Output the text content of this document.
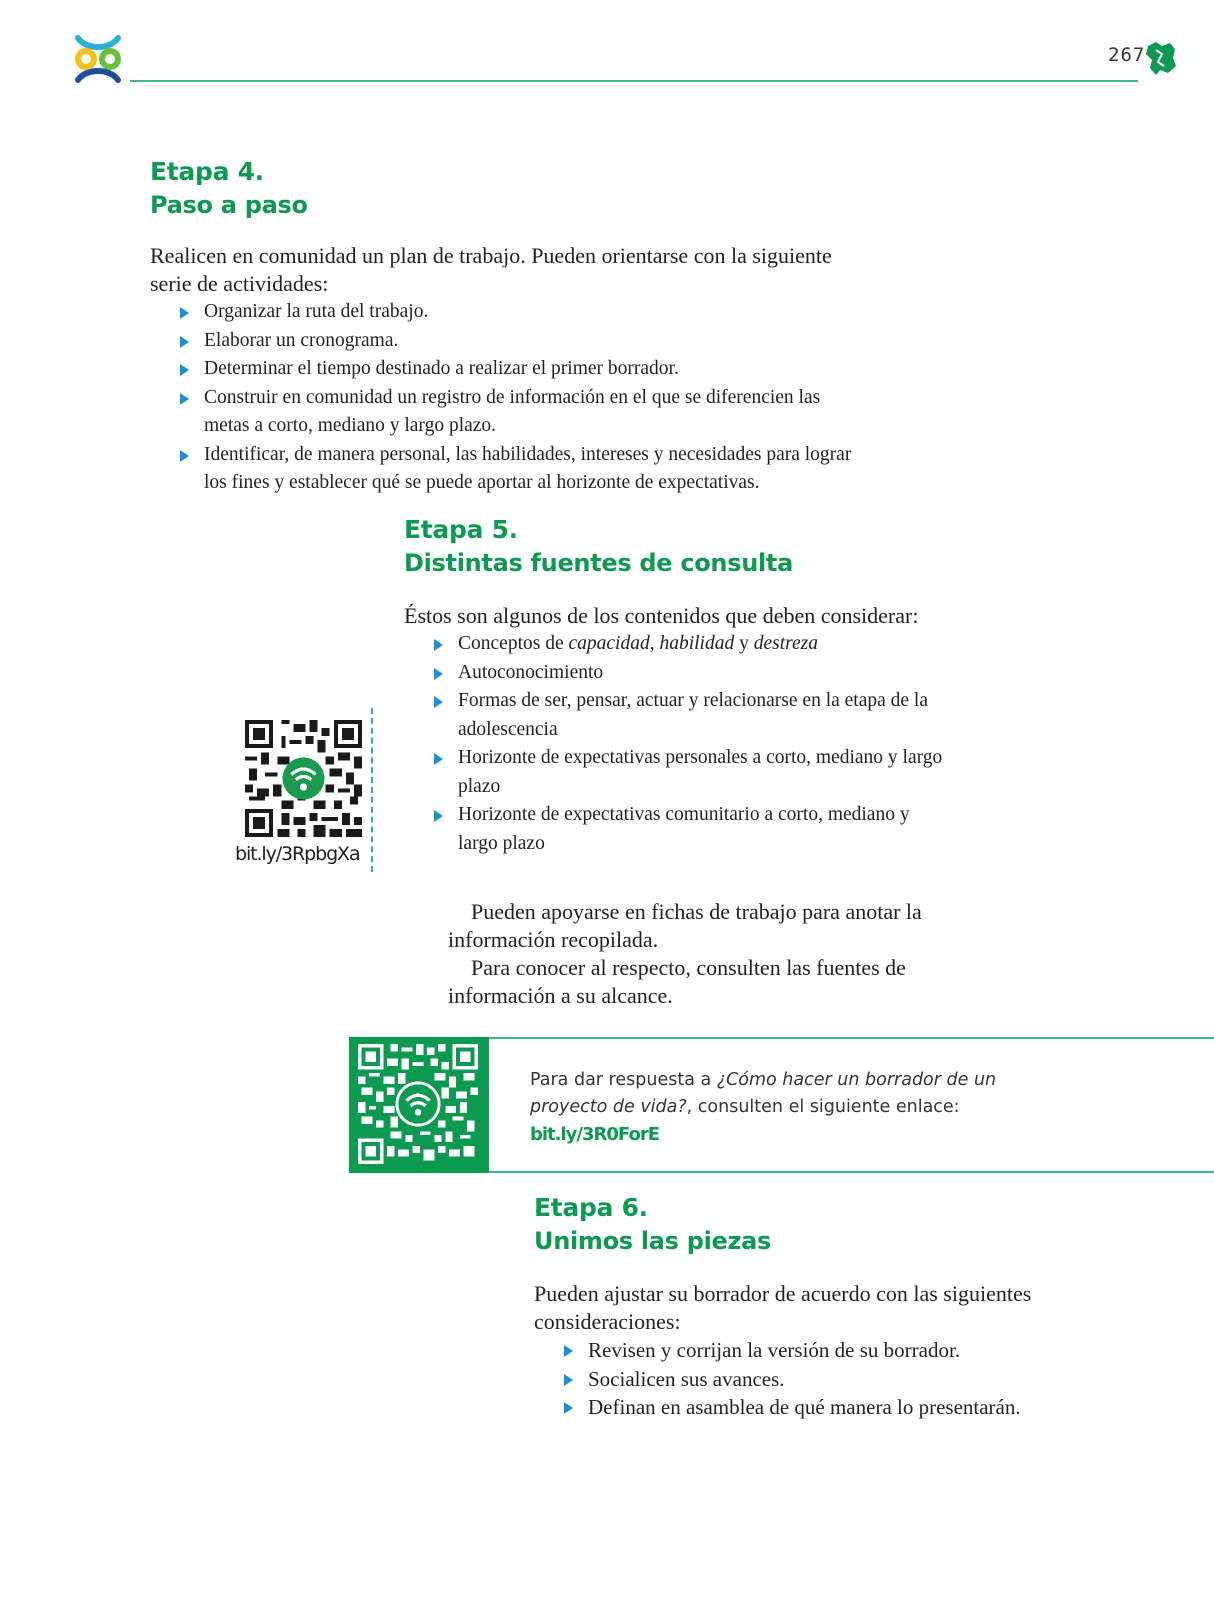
267
Etapa 4.
Paso a paso

Realicen en comunidad un plan de trabajo. Pueden orientarse con la siguiente serie de actividades:

Organizar la ruta del trabajo.
Elaborar un cronograma.
Determinar el tiempo destinado a realizar el primer borrador.
Construir en comunidad un registro de información en el que se diferencien las metas a corto, mediano y largo plazo.
Identificar, de manera personal, las habilidades, intereses y necesidades para lograr los fines y establecer qué se puede aportar al horizonte de expectativas.
Etapa 5.
Distintas fuentes de consulta

Éstos son algunos de los contenidos que deben considerar:

Conceptos de capacidad, habilidad y destreza
Autoconocimiento
Formas de ser, pensar, actuar y relacionarse en la etapa de la adolescencia
Horizonte de expectativas personales a corto, mediano y largo plazo
Horizonte de expectativas comunitario a corto, mediano y largo plazo
bit.ly/3RpbgXa

Pueden apoyarse en fichas de trabajo para anotar la información recopilada.

Para conocer al respecto, consulten las fuentes de información a su alcance.

Para dar respuesta a ¿Cómo hacer un borrador de un proyecto de vida?, consulten el siguiente enlace:
bit.ly/3R0ForE
Etapa 6.
Unimos las piezas

Pueden ajustar su borrador de acuerdo con las siguientes consideraciones:

Revisen y corrijan la versión de su borrador.
Socialicen sus avances.
Definan en asamblea de qué manera lo presentarán.
